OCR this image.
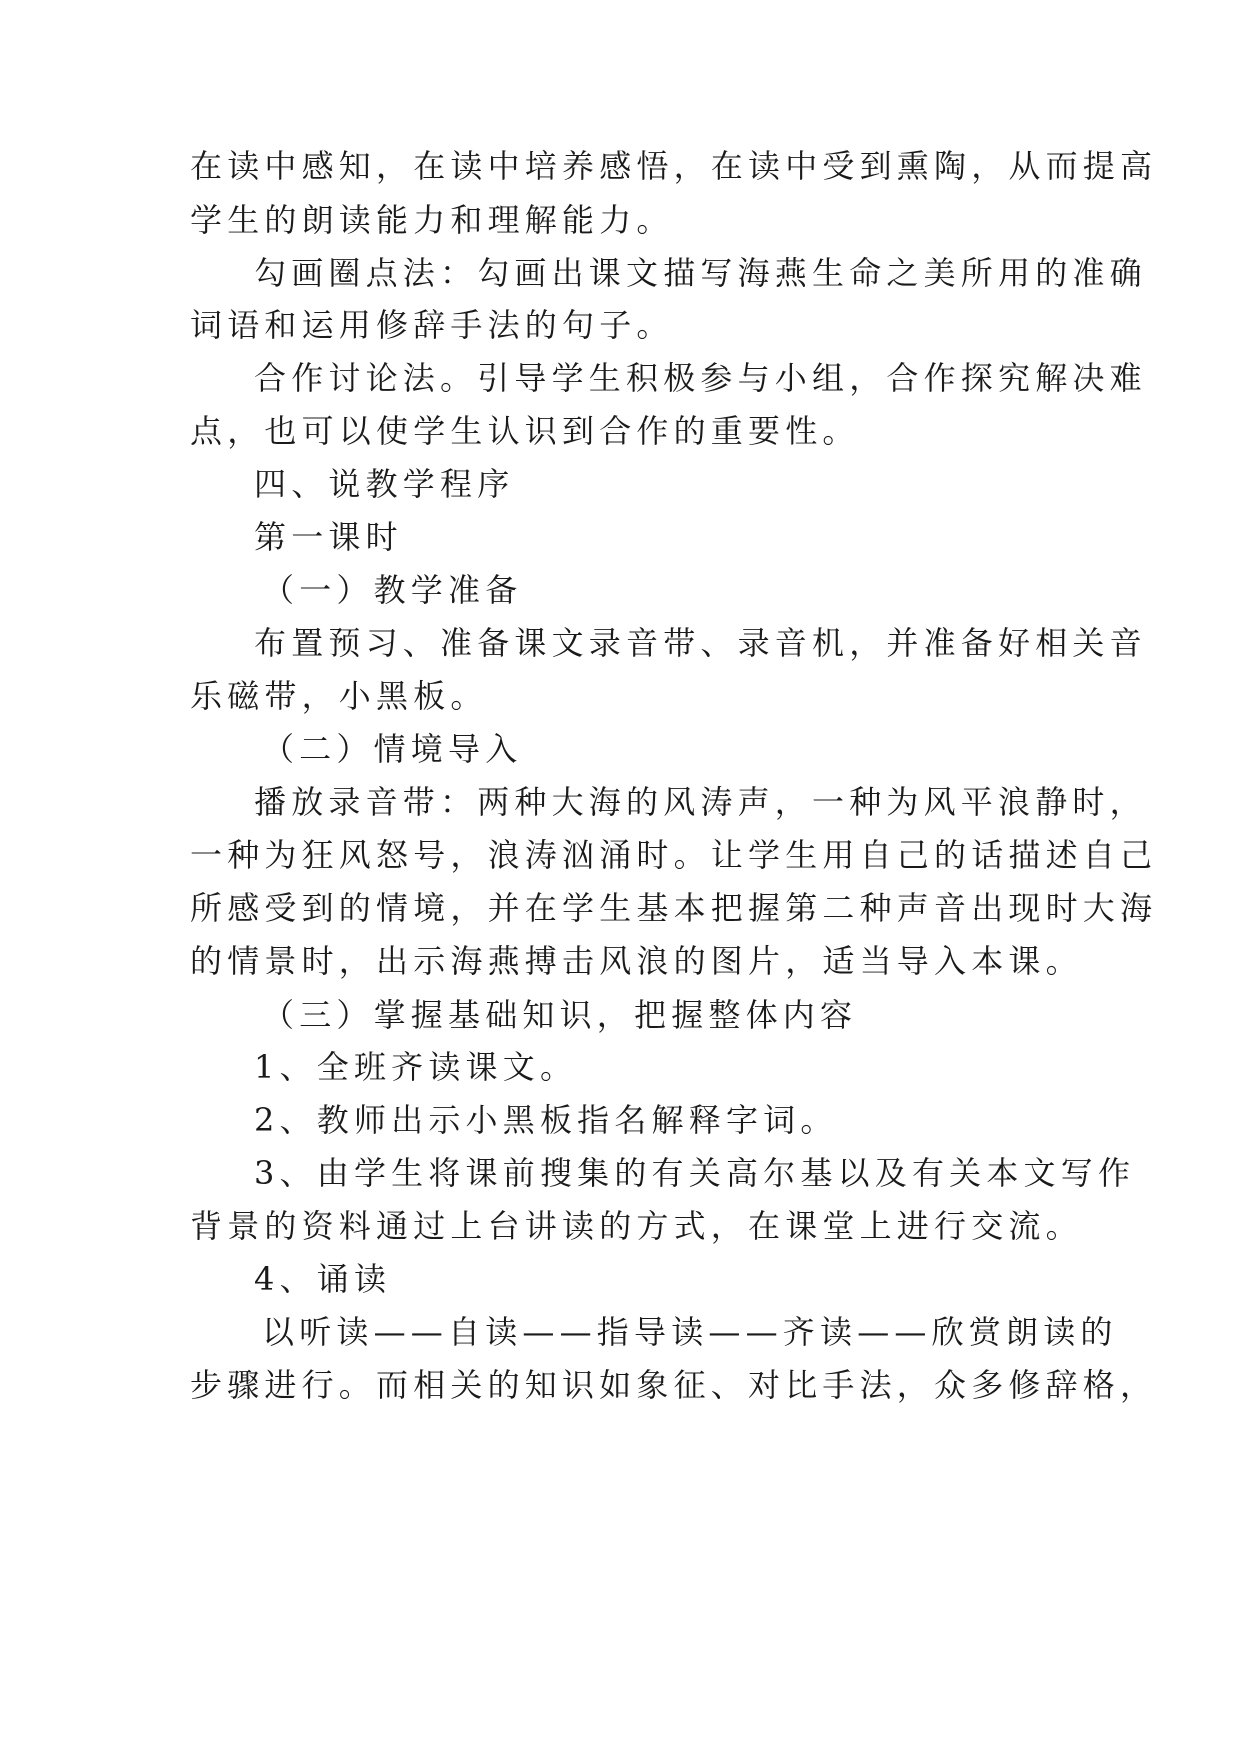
在读中感知，在读中培养感悟，在读中受到熏陶，从而提高
学生的朗读能力和理解能力。
勾画圈点法：勾画出课文描写海燕生命之美所用的准确
词语和运用修辞手法的句子。
合作讨论法。引导学生积极参与小组，合作探究解决难
点，也可以使学生认识到合作的重要性。
四、说教学程序
第一课时
（一）教学准备
布置预习、准备课文录音带、录音机，并准备好相关音
乐磁带，小黑板。
（二）情境导入
播放录音带：两种大海的风涛声，一种为风平浪静时，
一种为狂风怒号，浪涛汹涌时。让学生用自己的话描述自己
所感受到的情境，并在学生基本把握第二种声音出现时大海
的情景时，出示海燕搏击风浪的图片，适当导入本课。
（三）掌握基础知识，把握整体内容
1、全班齐读课文。
2、教师出示小黑板指名解释字词。
3、由学生将课前搜集的有关高尔基以及有关本文写作
背景的资料通过上台讲读的方式，在课堂上进行交流。
4、诵读
以听读——自读——指导读——齐读——欣赏朗读的
步骤进行。而相关的知识如象征、对比手法，众多修辞格，
